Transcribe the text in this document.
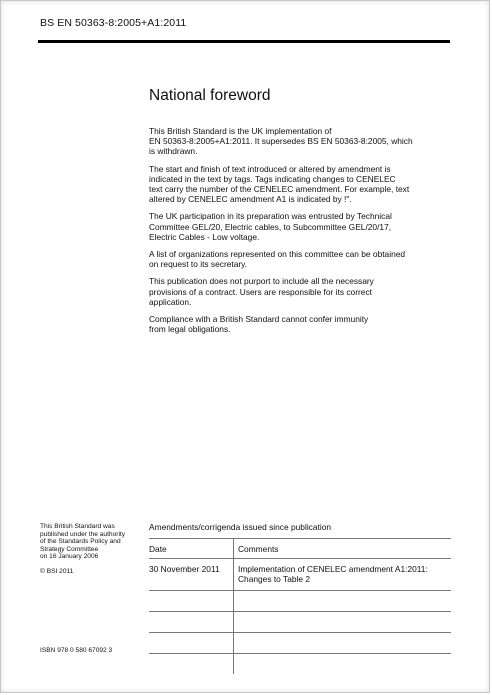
BS EN 50363-8:2005+A1:2011
National foreword

This British Standard is the UK implementation of
EN 50363-8:2005+A1:2011. It supersedes BS EN 50363-8:2005, which
is withdrawn.

The start and finish of text introduced or altered by amendment is
indicated in the text by tags. Tags indicating changes to CENELEC
text carry the number of the CENELEC amendment. For example, text
altered by CENELEC amendment A1 is indicated by !".

The UK participation in its preparation was entrusted by Technical
Committee GEL/20, Electric cables, to Subcommittee GEL/20/17,
Electric Cables - Low voltage.

A list of organizations represented on this committee can be obtained
on request to its secretary.

This publication does not purport to include all the necessary
provisions of a contract. Users are responsible for its correct
application.

Compliance with a British Standard cannot confer immunity
from legal obligations.

This British Standard was
published under the authority
of the Standards Policy and
Strategy Committee
on 16 January 2006

© BSI 2011

ISBN 978 0 580 67092 3
Amendments/corrigenda issued since publication
Date	Comments
30 November 2011	Implementation of CENELEC amendment A1:2011:
Changes to Table 2
